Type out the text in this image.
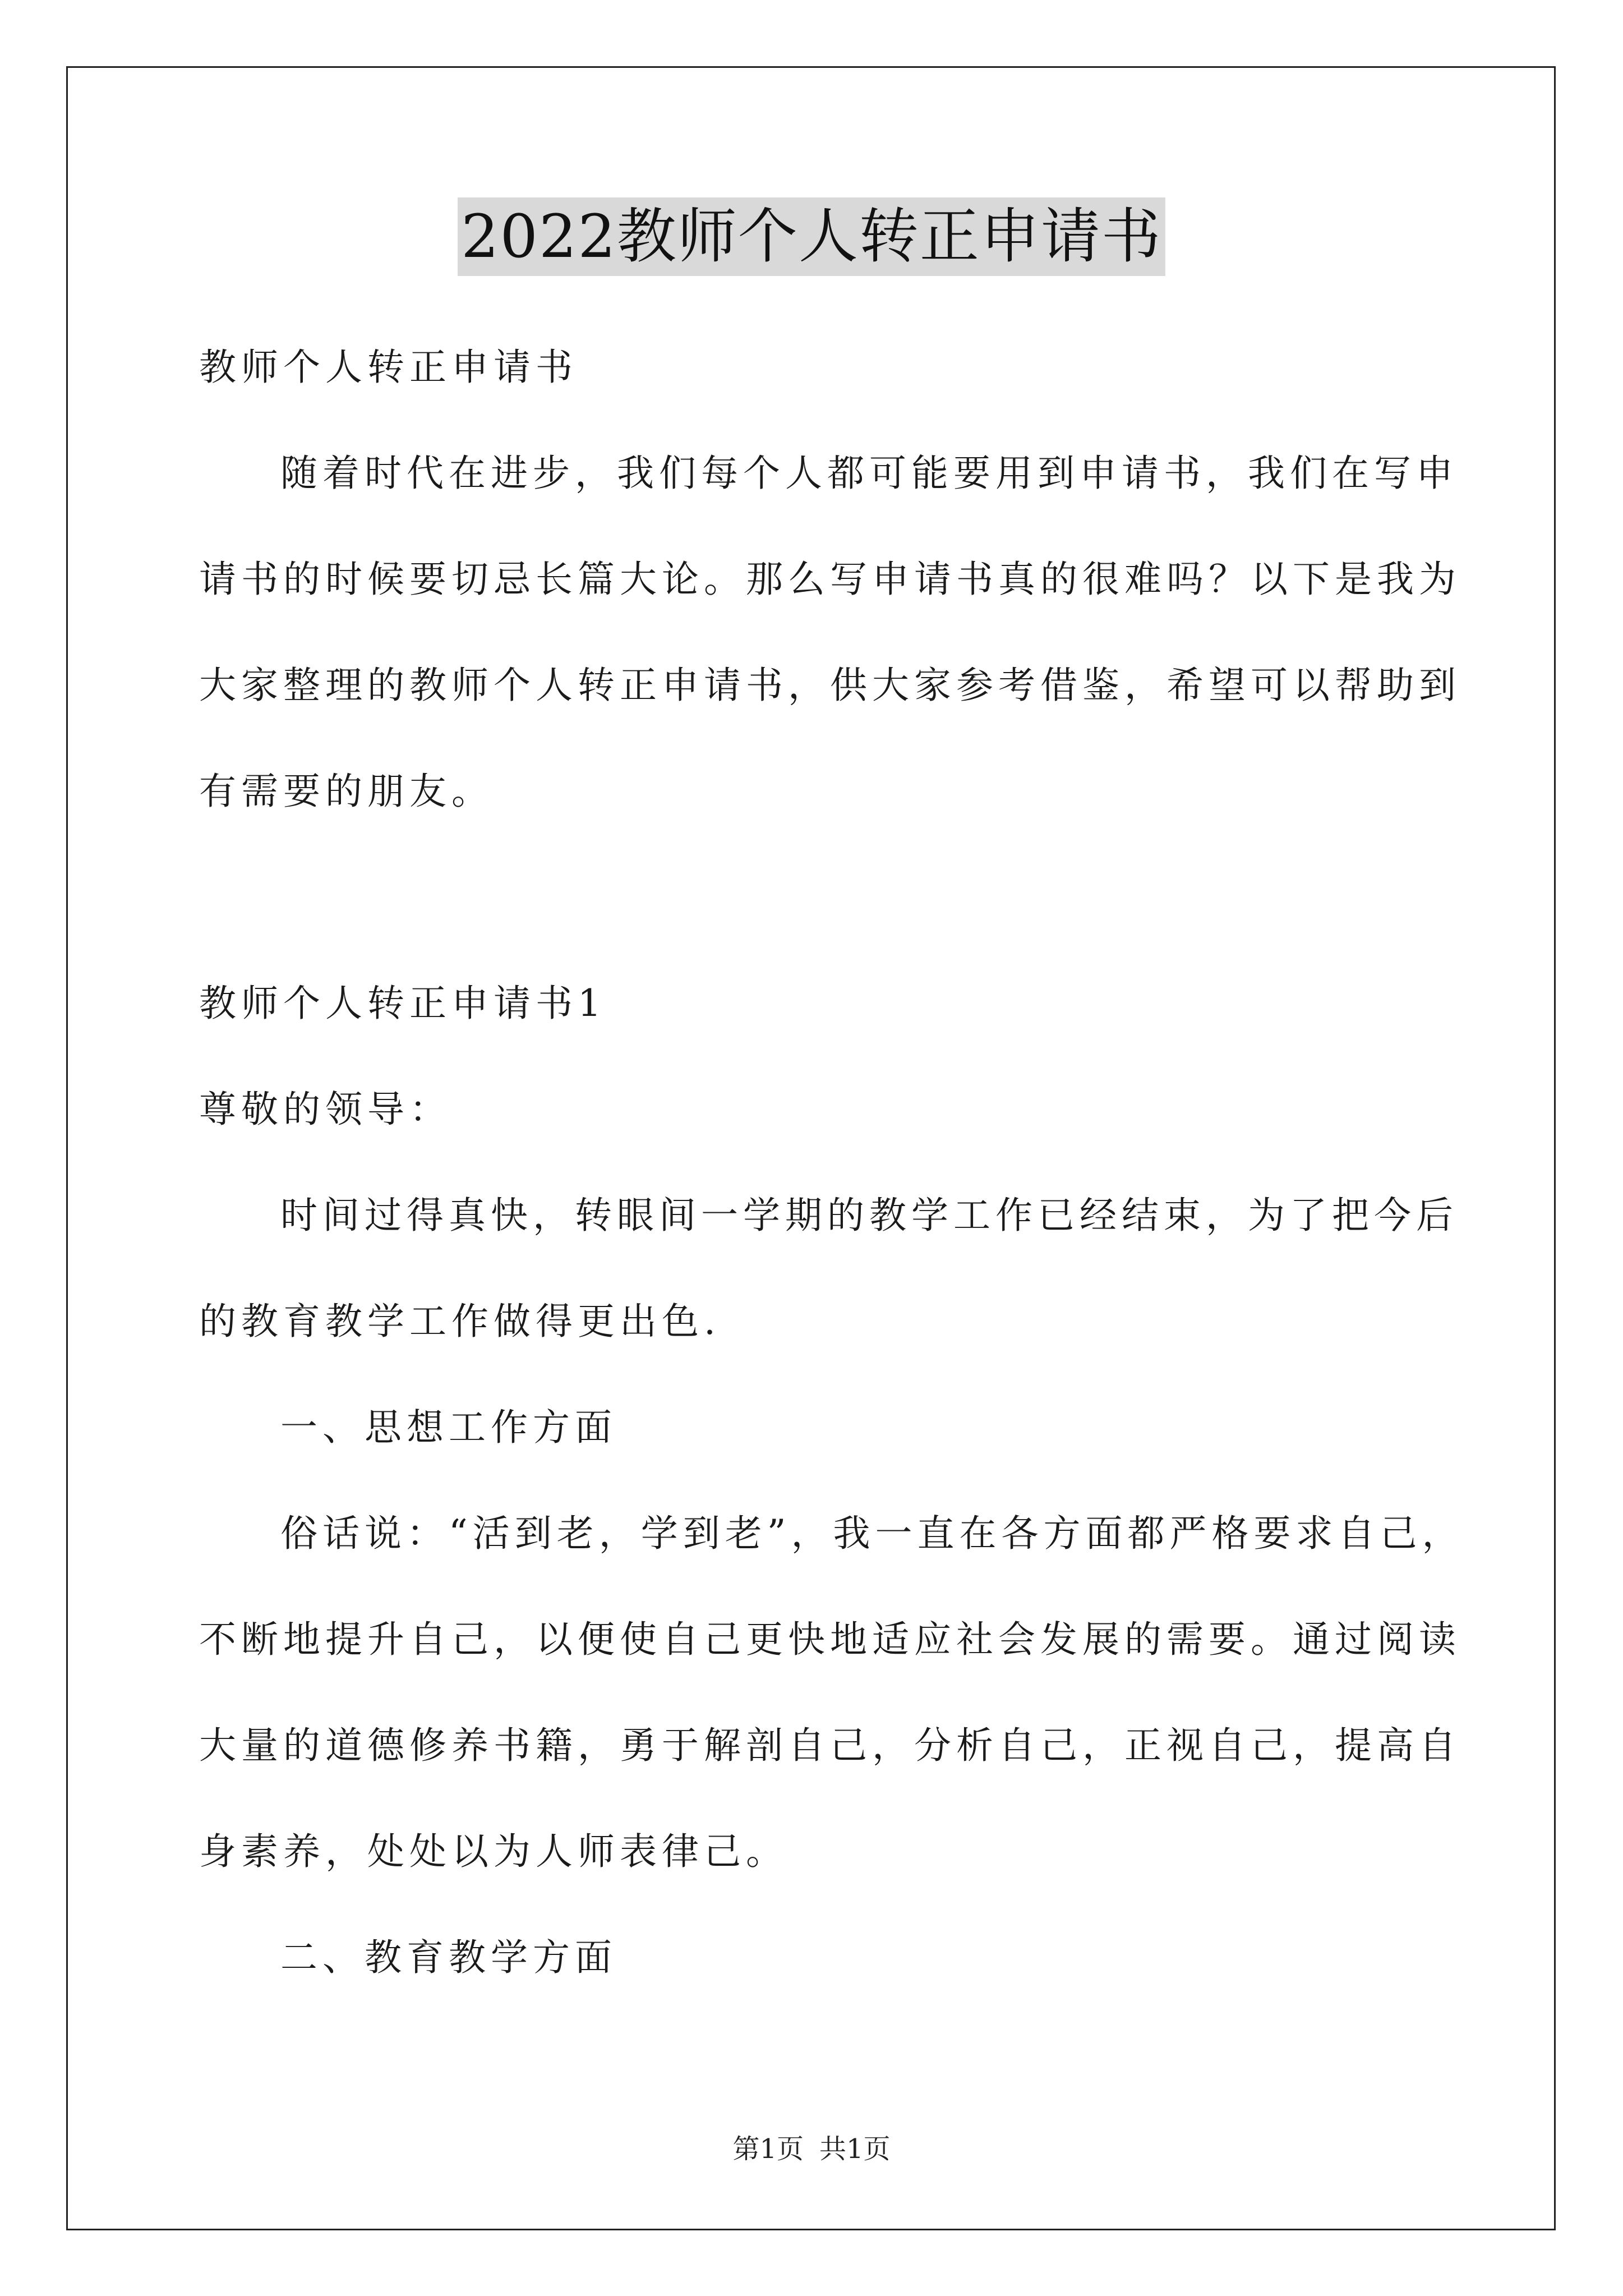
2022教师个人转正申请书

教师个人转正申请书

随着时代在进步，我们每个人都可能要用到申请书，我们在写申

请书的时候要切忌长篇大论。那么写申请书真的很难吗？以下是我为

大家整理的教师个人转正申请书，供大家参考借鉴，希望可以帮助到

有需要的朋友。

教师个人转正申请书1

尊敬的领导：

时间过得真快，转眼间一学期的教学工作已经结束，为了把今后

的教育教学工作做得更出色.

一、思想工作方面

俗话说：“活到老，学到老”，我一直在各方面都严格要求自己，

不断地提升自己，以便使自己更快地适应社会发展的需要。通过阅读

大量的道德修养书籍，勇于解剖自己，分析自己，正视自己，提高自

身素养，处处以为人师表律己。

二、教育教学方面

第1页 共1页
